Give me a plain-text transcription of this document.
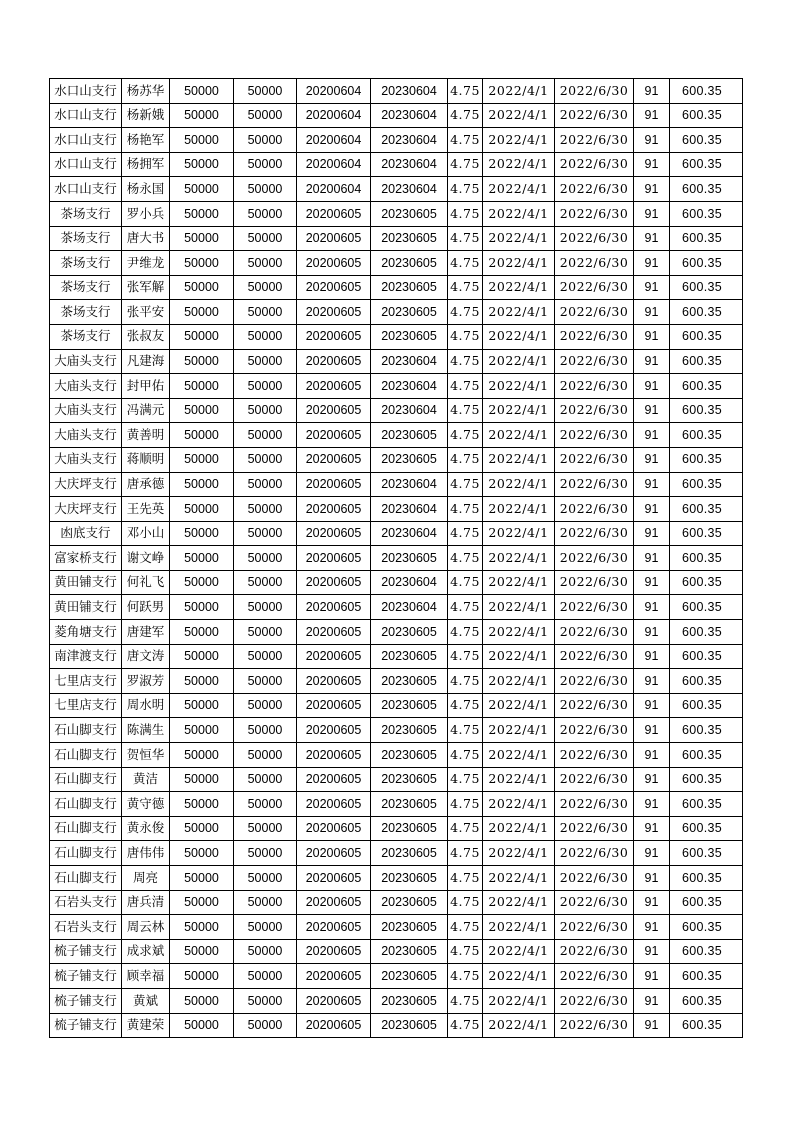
水口山支行	杨苏华	50000	50000	20200604	20230604	4.75	2022/4/1	2022/6/30	91	600.35
水口山支行	杨新娥	50000	50000	20200604	20230604	4.75	2022/4/1	2022/6/30	91	600.35
水口山支行	杨艳军	50000	50000	20200604	20230604	4.75	2022/4/1	2022/6/30	91	600.35
水口山支行	杨拥军	50000	50000	20200604	20230604	4.75	2022/4/1	2022/6/30	91	600.35
水口山支行	杨永国	50000	50000	20200604	20230604	4.75	2022/4/1	2022/6/30	91	600.35
茶场支行	罗小兵	50000	50000	20200605	20230605	4.75	2022/4/1	2022/6/30	91	600.35
茶场支行	唐大书	50000	50000	20200605	20230605	4.75	2022/4/1	2022/6/30	91	600.35
茶场支行	尹维龙	50000	50000	20200605	20230605	4.75	2022/4/1	2022/6/30	91	600.35
茶场支行	张军解	50000	50000	20200605	20230605	4.75	2022/4/1	2022/6/30	91	600.35
茶场支行	张平安	50000	50000	20200605	20230605	4.75	2022/4/1	2022/6/30	91	600.35
茶场支行	张叔友	50000	50000	20200605	20230605	4.75	2022/4/1	2022/6/30	91	600.35
大庙头支行	凡建海	50000	50000	20200605	20230604	4.75	2022/4/1	2022/6/30	91	600.35
大庙头支行	封甲佑	50000	50000	20200605	20230604	4.75	2022/4/1	2022/6/30	91	600.35
大庙头支行	冯满元	50000	50000	20200605	20230604	4.75	2022/4/1	2022/6/30	91	600.35
大庙头支行	黄善明	50000	50000	20200605	20230605	4.75	2022/4/1	2022/6/30	91	600.35
大庙头支行	蒋顺明	50000	50000	20200605	20230605	4.75	2022/4/1	2022/6/30	91	600.35
大庆坪支行	唐承德	50000	50000	20200605	20230604	4.75	2022/4/1	2022/6/30	91	600.35
大庆坪支行	王先英	50000	50000	20200605	20230604	4.75	2022/4/1	2022/6/30	91	600.35
凼底支行	邓小山	50000	50000	20200605	20230604	4.75	2022/4/1	2022/6/30	91	600.35
富家桥支行	谢文峥	50000	50000	20200605	20230605	4.75	2022/4/1	2022/6/30	91	600.35
黄田铺支行	何礼飞	50000	50000	20200605	20230604	4.75	2022/4/1	2022/6/30	91	600.35
黄田铺支行	何跃男	50000	50000	20200605	20230604	4.75	2022/4/1	2022/6/30	91	600.35
菱角塘支行	唐建军	50000	50000	20200605	20230605	4.75	2022/4/1	2022/6/30	91	600.35
南津渡支行	唐文涛	50000	50000	20200605	20230605	4.75	2022/4/1	2022/6/30	91	600.35
七里店支行	罗淑芳	50000	50000	20200605	20230605	4.75	2022/4/1	2022/6/30	91	600.35
七里店支行	周水明	50000	50000	20200605	20230605	4.75	2022/4/1	2022/6/30	91	600.35
石山脚支行	陈满生	50000	50000	20200605	20230605	4.75	2022/4/1	2022/6/30	91	600.35
石山脚支行	贺恒华	50000	50000	20200605	20230605	4.75	2022/4/1	2022/6/30	91	600.35
石山脚支行	黄洁	50000	50000	20200605	20230605	4.75	2022/4/1	2022/6/30	91	600.35
石山脚支行	黄守德	50000	50000	20200605	20230605	4.75	2022/4/1	2022/6/30	91	600.35
石山脚支行	黄永俊	50000	50000	20200605	20230605	4.75	2022/4/1	2022/6/30	91	600.35
石山脚支行	唐伟伟	50000	50000	20200605	20230605	4.75	2022/4/1	2022/6/30	91	600.35
石山脚支行	周亮	50000	50000	20200605	20230605	4.75	2022/4/1	2022/6/30	91	600.35
石岩头支行	唐兵清	50000	50000	20200605	20230605	4.75	2022/4/1	2022/6/30	91	600.35
石岩头支行	周云林	50000	50000	20200605	20230605	4.75	2022/4/1	2022/6/30	91	600.35
梳子铺支行	成求斌	50000	50000	20200605	20230605	4.75	2022/4/1	2022/6/30	91	600.35
梳子铺支行	顾幸福	50000	50000	20200605	20230605	4.75	2022/4/1	2022/6/30	91	600.35
梳子铺支行	黄斌	50000	50000	20200605	20230605	4.75	2022/4/1	2022/6/30	91	600.35
梳子铺支行	黄建荣	50000	50000	20200605	20230605	4.75	2022/4/1	2022/6/30	91	600.35
